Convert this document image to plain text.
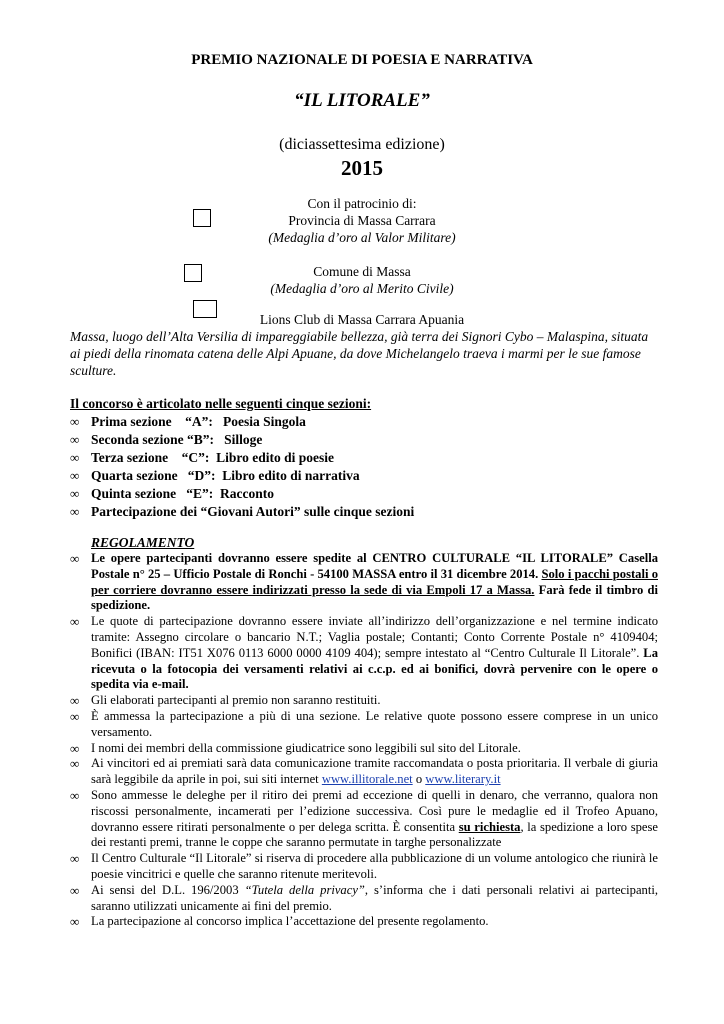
PREMIO NAZIONALE DI POESIA E NARRATIVA
“IL LITORALE”
(diciassettesima edizione)
2015
Con il patrocinio di:
Provincia di Massa Carrara
(Medaglia d’oro al Valor Militare)
Comune di Massa
(Medaglia d’oro al Merito Civile)
Lions Club di Massa Carrara Apuania
Massa, luogo dell’Alta Versilia di impareggiabile bellezza, già terra dei Signori Cybo – Malaspina, situata ai piedi della rinomata catena delle Alpi Apuane, da dove Michelangelo traeva i marmi per le sue famose sculture.
Il concorso è articolato nelle seguenti cinque sezioni:
∞ Prima sezione    “A”:   Poesia Singola
∞ Seconda sezione “B”:   Silloge
∞ Terza sezione    “C”:  Libro edito di poesie
∞ Quarta sezione   “D”:  Libro edito di narrativa
∞ Quinta sezione   “E”:  Racconto
∞ Partecipazione dei “Giovani Autori” sulle cinque sezioni
REGOLAMENTO
∞ Le opere partecipanti dovranno essere spedite al CENTRO CULTURALE “IL LITORALE” Casella Postale n° 25 – Ufficio Postale di Ronchi - 54100 MASSA entro il 31 dicembre 2014. Solo i pacchi postali o per corriere dovranno essere indirizzati presso la sede di via Empoli 17 a Massa. Farà fede il timbro di spedizione.
∞ Le quote di partecipazione dovranno essere inviate all’indirizzo dell’organizzazione e nel termine indicato tramite: Assegno circolare o bancario N.T.; Vaglia postale; Contanti; Conto Corrente Postale n° 4109404; Bonifici (IBAN: IT51 X076 0113 6000 0000 4109 404); sempre intestato al “Centro Culturale Il Litorale”. La ricevuta o la fotocopia dei versamenti relativi ai c.c.p. ed ai bonifici, dovrà pervenire con le opere o spedita via e-mail.
∞ Gli elaborati partecipanti al premio non saranno restituiti.
∞ È ammessa la partecipazione a più di una sezione. Le relative quote possono essere comprese in un unico versamento.
∞ I nomi dei membri della commissione giudicatrice sono leggibili sul sito del Litorale.
∞ Ai vincitori ed ai premiati sarà data comunicazione tramite raccomandata o posta prioritaria. Il verbale di giuria sarà leggibile da aprile in poi, sui siti internet www.illitorale.net o www.literary.it
∞ Sono ammesse le deleghe per il ritiro dei premi ad eccezione di quelli in denaro, che verranno, qualora non riscossi personalmente, incamerati per l’edizione successiva. Così pure le medaglie ed il Trofeo Apuano, dovranno essere ritirati personalmente o per delega scritta. È consentita su richiesta, la spedizione a loro spese dei restanti premi, tranne le coppe che saranno permutate in targhe personalizzate
∞ Il Centro Culturale “Il Litorale” si riserva di procedere alla pubblicazione di un volume antologico che riunirà le poesie vincitrici e quelle che saranno ritenute meritevoli.
∞ Ai sensi del D.L. 196/2003 “Tutela della privacy”, s’informa che i dati personali relativi ai partecipanti, saranno utilizzati unicamente ai fini del premio.
∞ La partecipazione al concorso implica l’accettazione del presente regolamento.
